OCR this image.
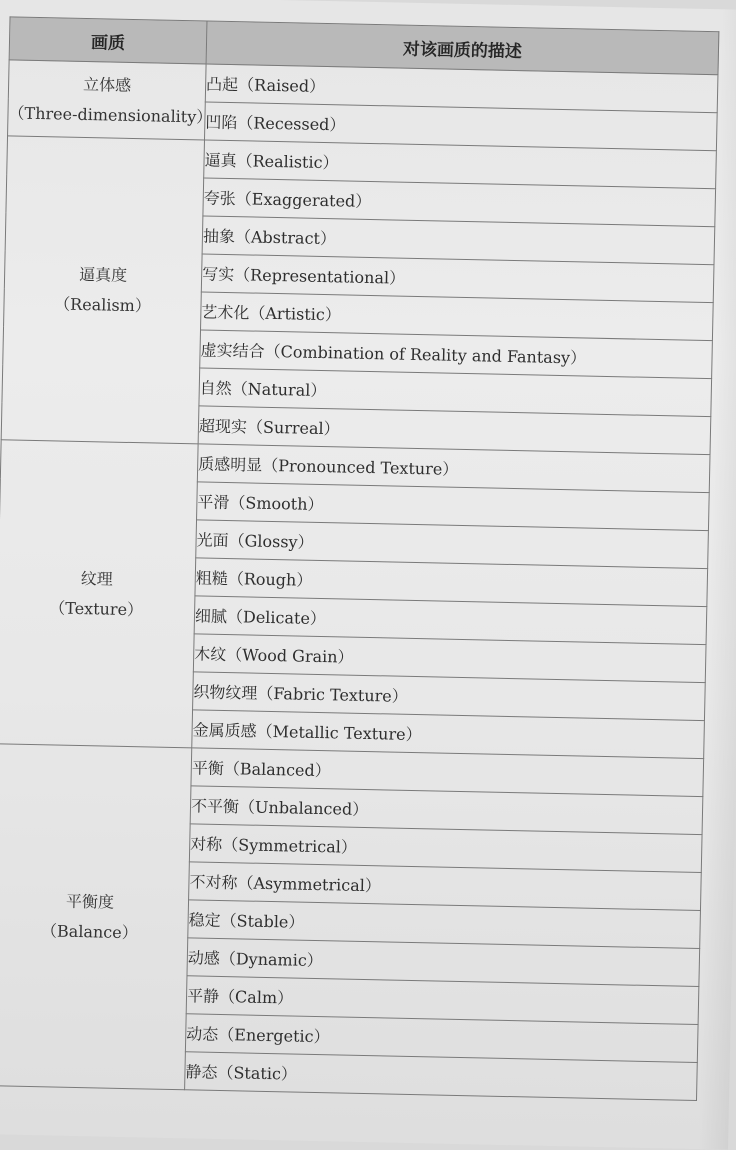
画质	对该画质的描述

立体感
（Three-dimensionality）	凸起（Raised）
	凹陷（Recessed）

逼真度
（Realism）	逼真（Realistic）
	夸张（Exaggerated）
	抽象（Abstract）
	写实（Representational）
	艺术化（Artistic）
	虚实结合（Combination of Reality and Fantasy）
	自然（Natural）
	超现实（Surreal）

纹理
（Texture）	质感明显（Pronounced Texture）
	平滑（Smooth）
	光面（Glossy）
	粗糙（Rough）
	细腻（Delicate）
	木纹（Wood Grain）
	织物纹理（Fabric Texture）
	金属质感（Metallic Texture）

平衡度
（Balance）	平衡（Balanced）
	不平衡（Unbalanced）
	对称（Symmetrical）
	不对称（Asymmetrical）
	稳定（Stable）
	动感（Dynamic）
	平静（Calm）
	动态（Energetic）
	静态（Static）
